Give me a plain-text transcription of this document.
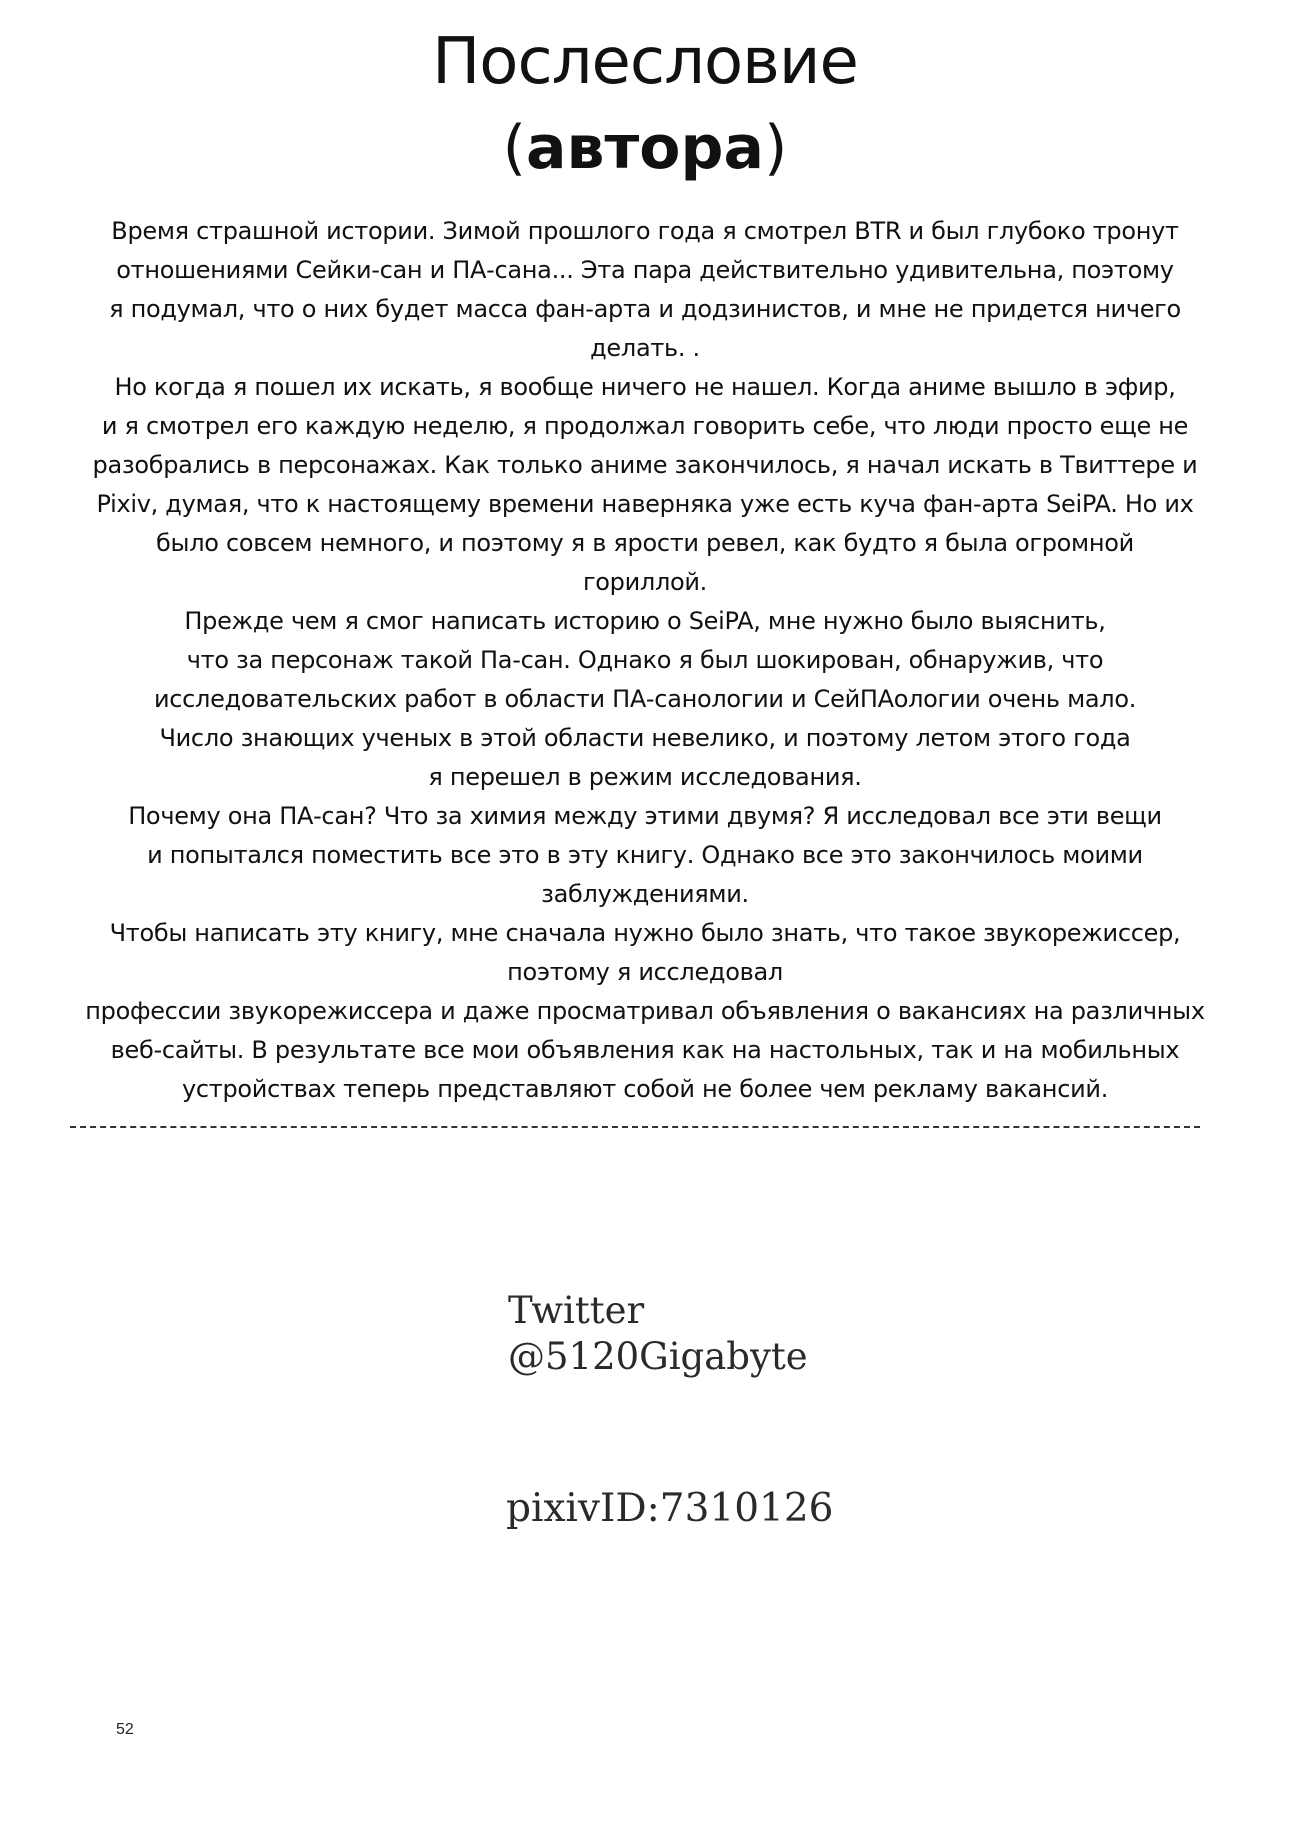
Послесловие
(автора)
Время страшной истории. Зимой прошлого года я смотрел BTR и был глубоко тронут
отношениями Сейки-сан и ПА-сана... Эта пара действительно удивительна, поэтому
я подумал, что о них будет масса фан-арта и додзинистов, и мне не придется ничего
делать. .
Но когда я пошел их искать, я вообще ничего не нашел. Когда аниме вышло в эфир,
и я смотрел его каждую неделю, я продолжал говорить себе, что люди просто еще не
разобрались в персонажах. Как только аниме закончилось, я начал искать в Твиттере и
Pixiv, думая, что к настоящему времени наверняка уже есть куча фан-арта SeiPA. Но их
было совсем немного, и поэтому я в ярости ревел, как будто я была огромной
гориллой.
Прежде чем я смог написать историю о SeiPA, мне нужно было выяснить,
что за персонаж такой Па-сан. Однако я был шокирован, обнаружив, что
исследовательских работ в области ПА-санологии и СейПАологии очень мало.
Число знающих ученых в этой области невелико, и поэтому летом этого года
я перешел в режим исследования.
Почему она ПА-сан? Что за химия между этими двумя? Я исследовал все эти вещи
и попытался поместить все это в эту книгу. Однако все это закончилось моими
заблуждениями.
Чтобы написать эту книгу, мне сначала нужно было знать, что такое звукорежиссер,
поэтому я исследовал
профессии звукорежиссера и даже просматривал объявления о вакансиях на различных
веб-сайты. В результате все мои объявления как на настольных, так и на мобильных
устройствах теперь представляют собой не более чем рекламу вакансий.
Twitter
@5120Gigabyte
pixivID:7310126
52
